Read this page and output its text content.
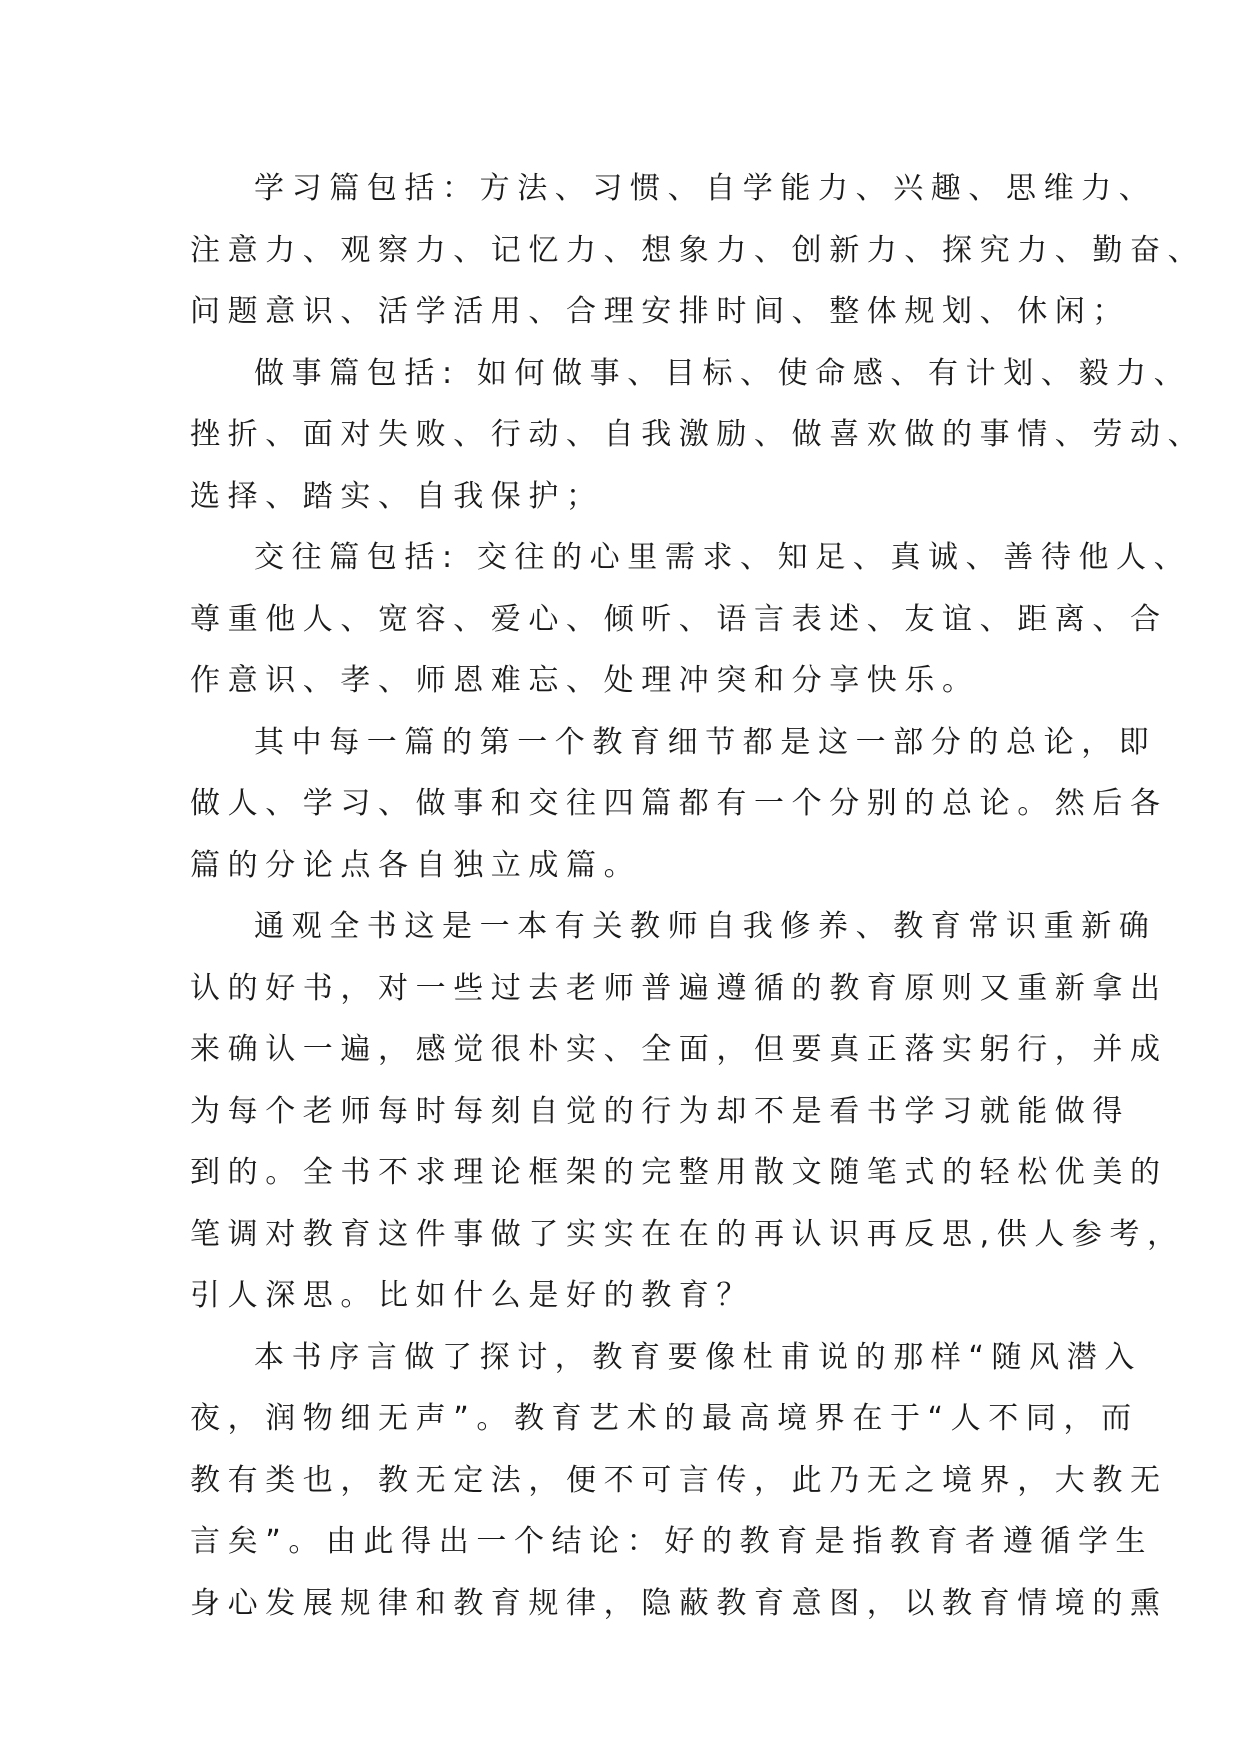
学习篇包括：方法、习惯、自学能力、兴趣、思维力、
注意力、观察力、记忆力、想象力、创新力、探究力、勤奋、
问题意识、活学活用、合理安排时间、整体规划、休闲；
做事篇包括: 如何做事、目标、使命感、有计划、毅力、
挫折、面对失败、行动、自我激励、做喜欢做的事情、劳动、
选择、踏实、自我保护；
交往篇包括: 交往的心里需求、知足、真诚、善待他人、
尊重他人、宽容、爱心、倾听、语言表述、友谊、距离、合
作意识、孝、师恩难忘、处理冲突和分享快乐。
其中每一篇的第一个教育细节都是这一部分的总论，即
做人、学习、做事和交往四篇都有一个分别的总论。然后各
篇的分论点各自独立成篇。
通观全书这是一本有关教师自我修养、教育常识重新确
认的好书，对一些过去老师普遍遵循的教育原则又重新拿出
来确认一遍，感觉很朴实、全面，但要真正落实躬行，并成
为每个老师每时每刻自觉的行为却不是看书学习就能做得
到的。全书不求理论框架的完整用散文随笔式的轻松优美的
笔调对教育这件事做了实实在在的再认识再反思,供人参考，
引人深思。比如什么是好的教育？
本书序言做了探讨，教育要像杜甫说的那样“随风潜入
夜，润物细无声”。教育艺术的最高境界在于“人不同，而
教有类也，教无定法，便不可言传，此乃无之境界，大教无
言矣”。由此得出一个结论：好的教育是指教育者遵循学生
身心发展规律和教育规律，隐蔽教育意图，以教育情境的熏
